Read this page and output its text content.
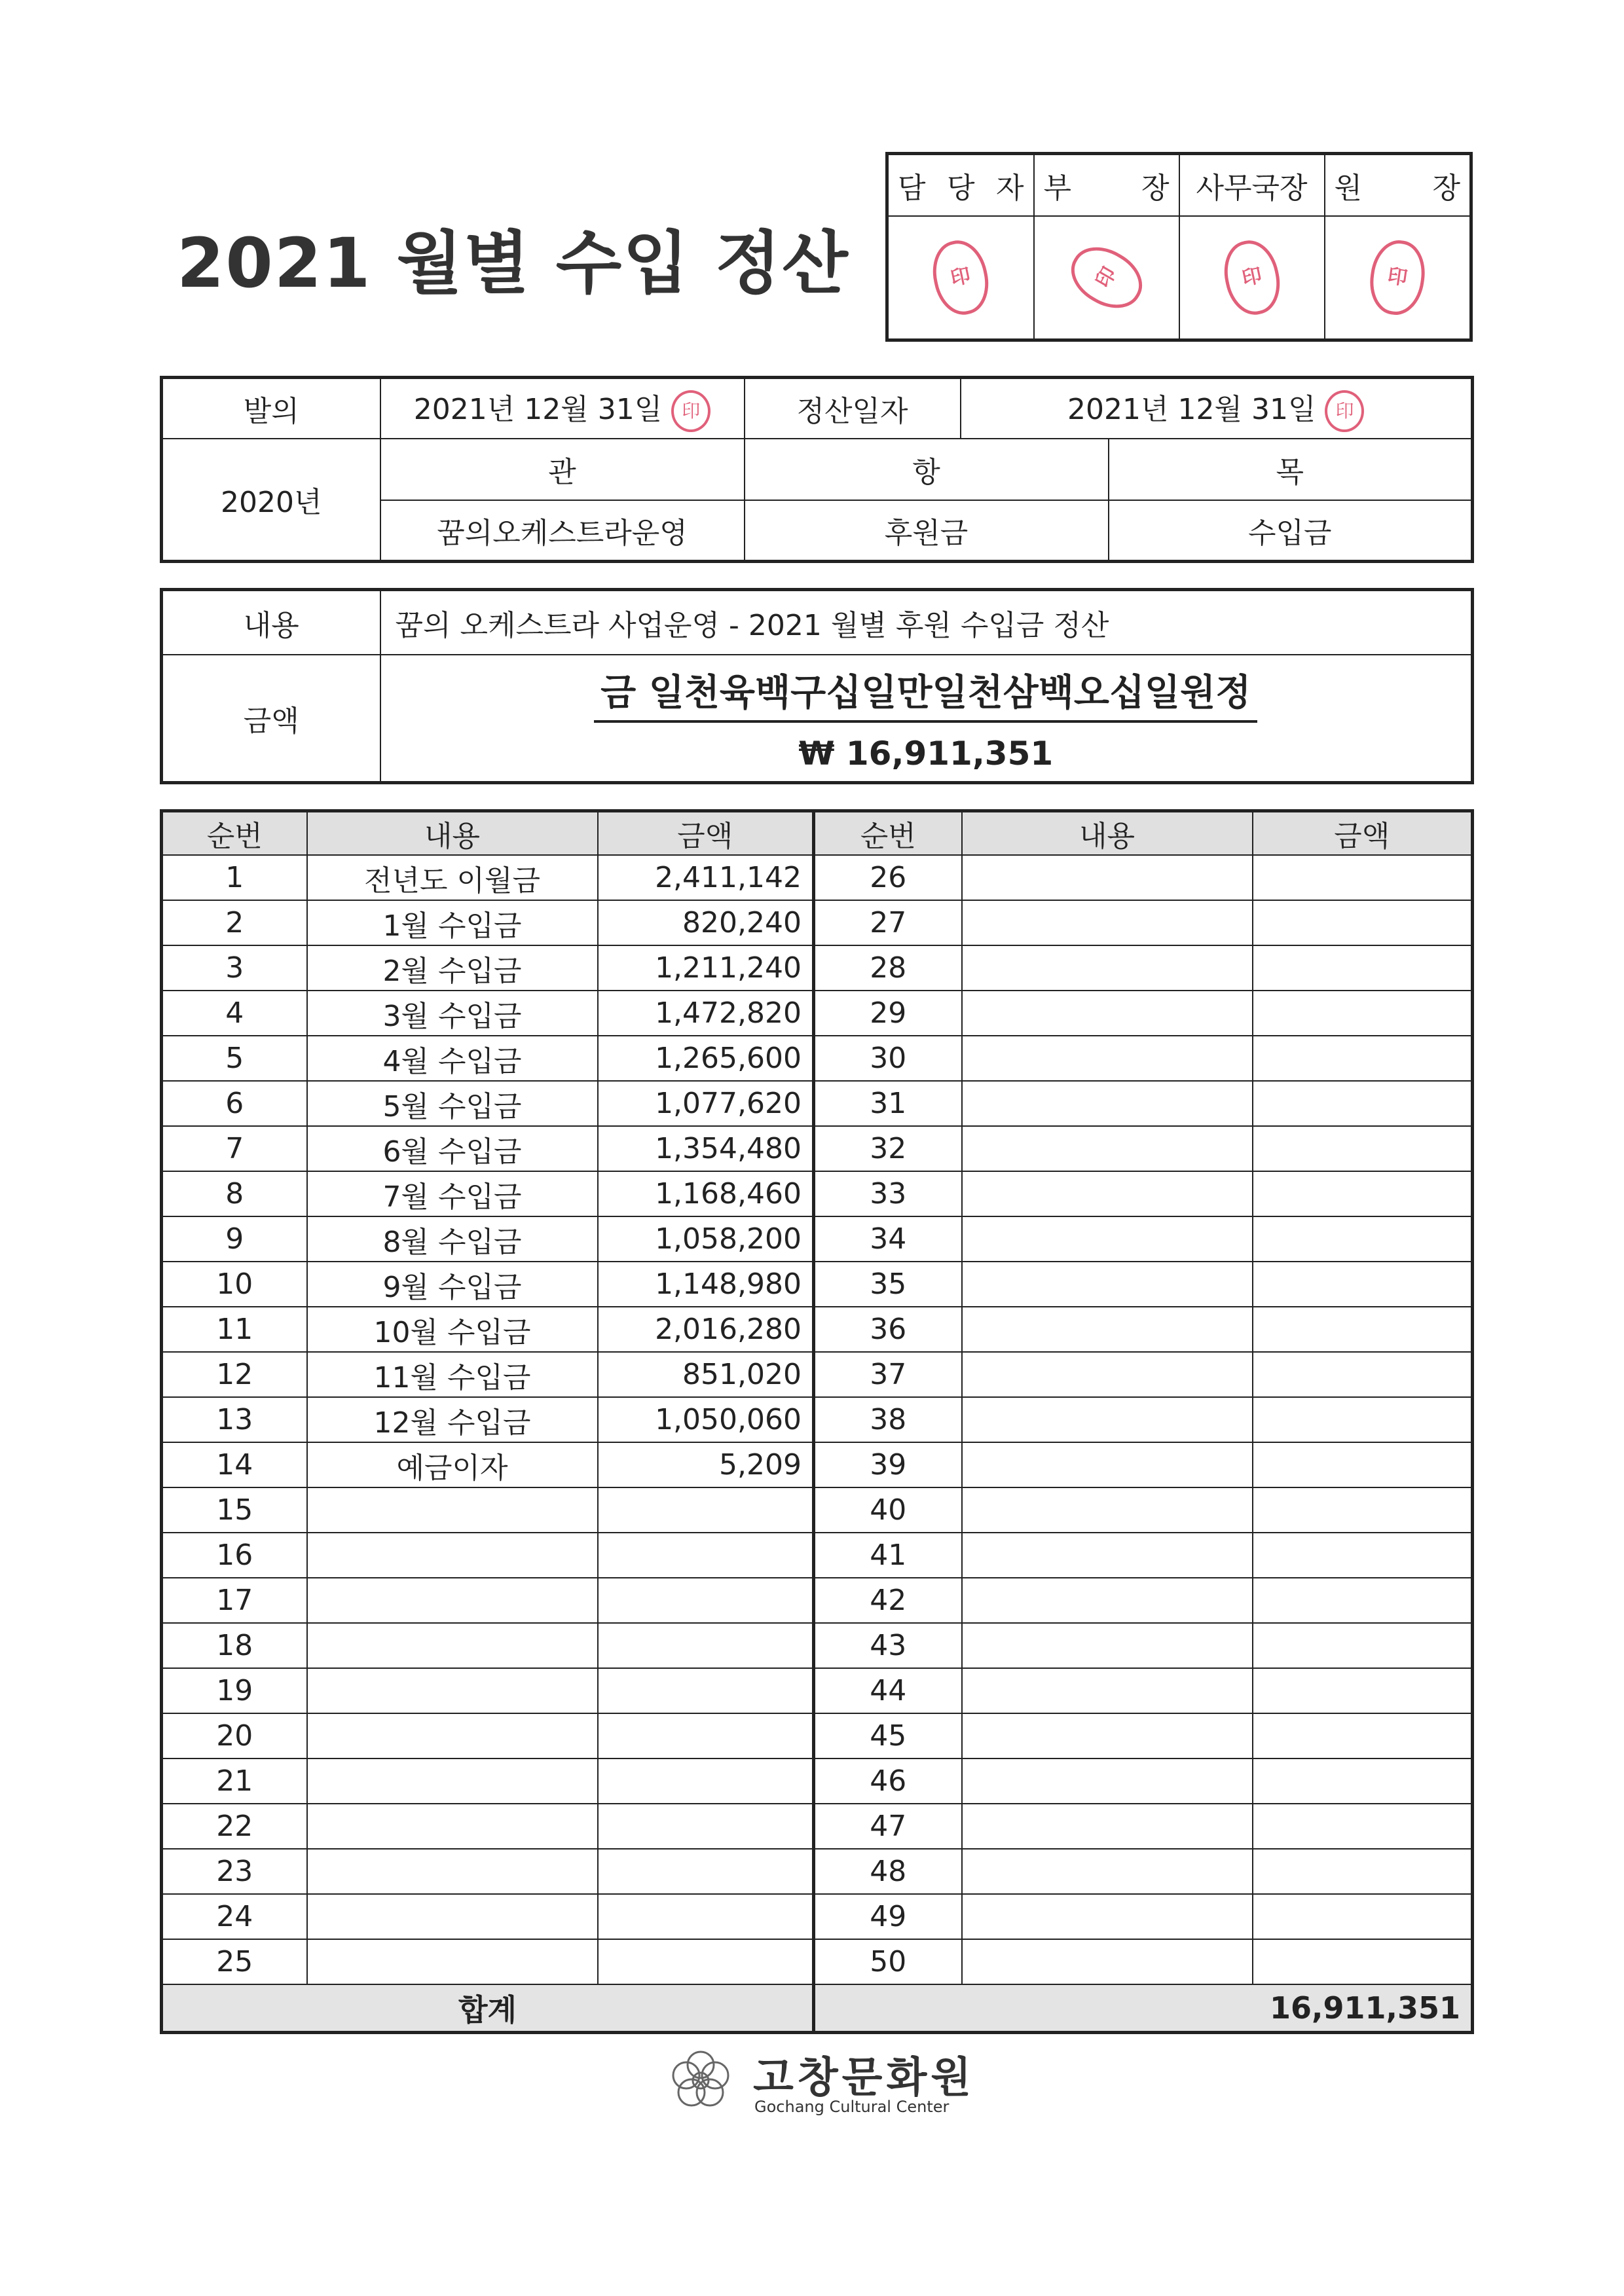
2021 월별 수입 정산
담 당 자	부 장	사무국장	원 장

印	印	印	印
발의	2021년 12월 31일 印	정산일자	2021년 12월 31일 印	
2020년	관	항		목
	꿈의오케스트라운영	후원금		수입금
내용	꿈의 오케스트라 사업운영 - 2021 월별 후원 수입금 정산
금액	금 일천육백구십일만일천삼백오십일원정
₩ 16,911,351
순번	내용	금액	순번	내용	금액
1	전년도 이월금	2,411,142	26		
2	1월 수입금	820,240	27		
3	2월 수입금	1,211,240	28		
4	3월 수입금	1,472,820	29		
5	4월 수입금	1,265,600	30		
6	5월 수입금	1,077,620	31		
7	6월 수입금	1,354,480	32		
8	7월 수입금	1,168,460	33		
9	8월 수입금	1,058,200	34		
10	9월 수입금	1,148,980	35		
11	10월 수입금	2,016,280	36		
12	11월 수입금	851,020	37		
13	12월 수입금	1,050,060	38		
14	예금이자	5,209	39		
15			40		
16			41		
17			42		
18			43		
19			44		
20			45		
21			46		
22			47		
23			48		
24			49		
25			50		
합계			16,911,351		
고창문화원
Gochang Cultural Center
